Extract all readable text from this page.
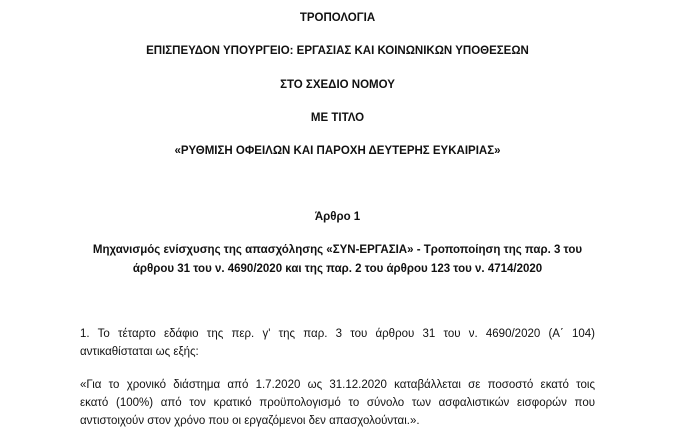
ΤΡΟΠΟΛΟΓΙΑ
ΕΠΙΣΠΕΥΔΟΝ ΥΠΟΥΡΓΕΙΟ: ΕΡΓΑΣΙΑΣ ΚΑΙ ΚΟΙΝΩΝΙΚΩΝ ΥΠΟΘΕΣΕΩΝ
ΣΤΟ ΣΧΕΔΙΟ ΝΟΜΟΥ
ΜΕ ΤΙΤΛΟ
«ΡΥΘΜΙΣΗ ΟΦΕΙΛΩΝ ΚΑΙ ΠΑΡΟΧΗ ΔΕΥΤΕΡΗΣ ΕΥΚΑΙΡΙΑΣ»
Άρθρο 1
Μηχανισμός ενίσχυσης της απασχόλησης «ΣΥΝ-ΕΡΓΑΣΙΑ» - Τροποποίηση της παρ. 3 του
άρθρου 31 του ν. 4690/2020 και της παρ. 2 του άρθρου 123 του ν. 4714/2020
1. Το τέταρτο εδάφιο της περ. γ' της παρ. 3 του άρθρου 31 του ν. 4690/2020 (Α΄ 104)
αντικαθίσταται ως εξής:
«Για το χρονικό διάστημα από 1.7.2020 ως 31.12.2020 καταβάλλεται σε ποσοστό εκατό τοις
εκατό (100%) από τον κρατικό προϋπολογισμό το σύνολο των ασφαλιστικών εισφορών που
αντιστοιχούν στον χρόνο που οι εργαζόμενοι δεν απασχολούνται.».
